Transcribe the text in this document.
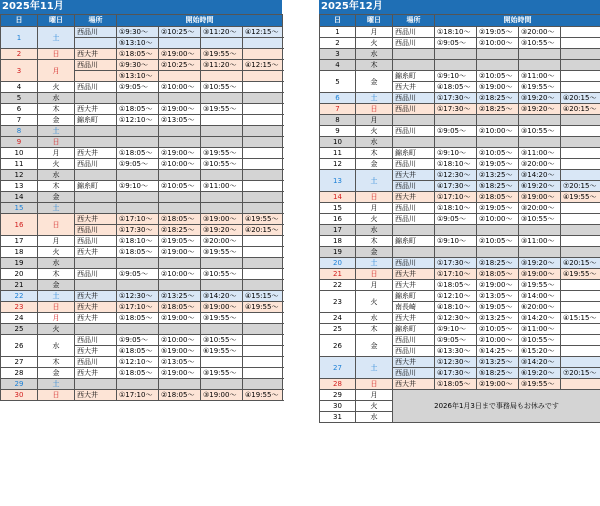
2025年11月
日	曜日	場所	開始時間			
1	土	西品川	①9:30～	②10:25～	③11:20～	④12:15～
			⑤13:10～			
2	日	西大井	①18:05～	②19:00～	③19:55～	
3	月	西品川	①9:30～	②10:25～	③11:20～	④12:15～
			⑤13:10～			
4	火	西品川	①9:05～	②10:00～	③10:55～	
5	水					
6	木	西大井	①18:05～	②19:00～	③19:55～	
7	金	錦糸町	①12:10～	②13:05～		
8	土					
9	日					
10	月	西大井	①18:05～	②19:00～	③19:55～	
11	火	西品川	①9:05～	②10:00～	③10:55～	
12	水					
13	木	錦糸町	①9:10～	②10:05～	③11:00～	
14	金					
15	土					
16	日	西大井	①17:10～	②18:05～	③19:00～	④19:55～
		西品川	①17:30～	②18:25～	③19:20～	④20:15～
17	月	西品川	①18:10～	②19:05～	③20:00～	
18	火	西大井	①18:05～	②19:00～	③19:55～	
19	水					
20	木	西品川	①9:05～	②10:00～	③10:55～	
21	金					
22	土	西大井	①12:30～	②13:25～	③14:20～	④15:15～
23	日	西大井	①17:10～	②18:05～	③19:00～	④19:55～
24	月	西大井	①18:05～	②19:00～	③19:55～	
25	火					
26	水	西品川	①9:05～	②10:00～	③10:55～	
		西大井	④18:05～	⑤19:00～	⑥19:55～	
27	木	西品川	①12:10～	②13:05～		
28	金	西大井	①18:05～	②19:00～	③19:55～	
29	土					
30	日	西大井	①17:10～	②18:05～	③19:00～	④19:55～
2025年12月
日	曜日	場所	開始時間			
1	月	西品川	①18:10～	②19:05～	③20:00～	
2	火	西品川	①9:05～	②10:00～	③10:55～	
3	水					
4	木					
5	金	錦糸町	①9:10～	②10:05～	③11:00～	
		西大井	④18:05～	⑤19:00～	⑥19:55～	
6	土	西品川	①17:30～	②18:25～	③19:20～	④20:15～
7	日	西品川	①17:30～	②18:25～	③19:20～	④20:15～
8	月					
9	火	西品川	①9:05～	②10:00～	③10:55～	
10	水					
11	木	錦糸町	①9:10～	②10:05～	③11:00～	
12	金	西品川	①18:10～	②19:05～	③20:00～	
13	土	西大井	①12:30～	②13:25～	③14:20～	
		西品川	④17:30～	⑤18:25～	⑥19:20～	⑦20:15～
14	日	西大井	①17:10～	②18:05～	③19:00～	④19:55～
15	月	西品川	①18:10～	②19:05～	③20:00～	
16	火	西品川	①9:05～	②10:00～	③10:55～	
17	水					
18	木	錦糸町	①9:10～	②10:05～	③11:00～	
19	金					
20	土	西品川	①17:30～	②18:25～	③19:20～	④20:15～
21	日	西大井	①17:10～	②18:05～	③19:00～	④19:55～
22	月	西大井	①18:05～	②19:00～	③19:55～	
23	火	錦糸町	①12:10～	②13:05～	③14:00～	
		南長崎	④18:10～	⑤19:05～	⑥20:00～	
24	水	西大井	①12:30～	②13:25～	③14:20～	④15:15～
25	木	錦糸町	①9:10～	②10:05～	③11:00～	
26	金	西品川	①9:05～	②10:00～	③10:55～	
		西品川	④13:30～	⑤14:25～	⑥15:20～	
27	土	西大井	①12:30～	②13:25～	③14:20～	
		西品川	④17:30～	⑤18:25～	⑥19:20～	⑦20:15～
28	日	西大井	①18:05～	②19:00～	③19:55～	
29	月	2026年1月3日まで事務局もお休みです				
30	火					
31	水					
